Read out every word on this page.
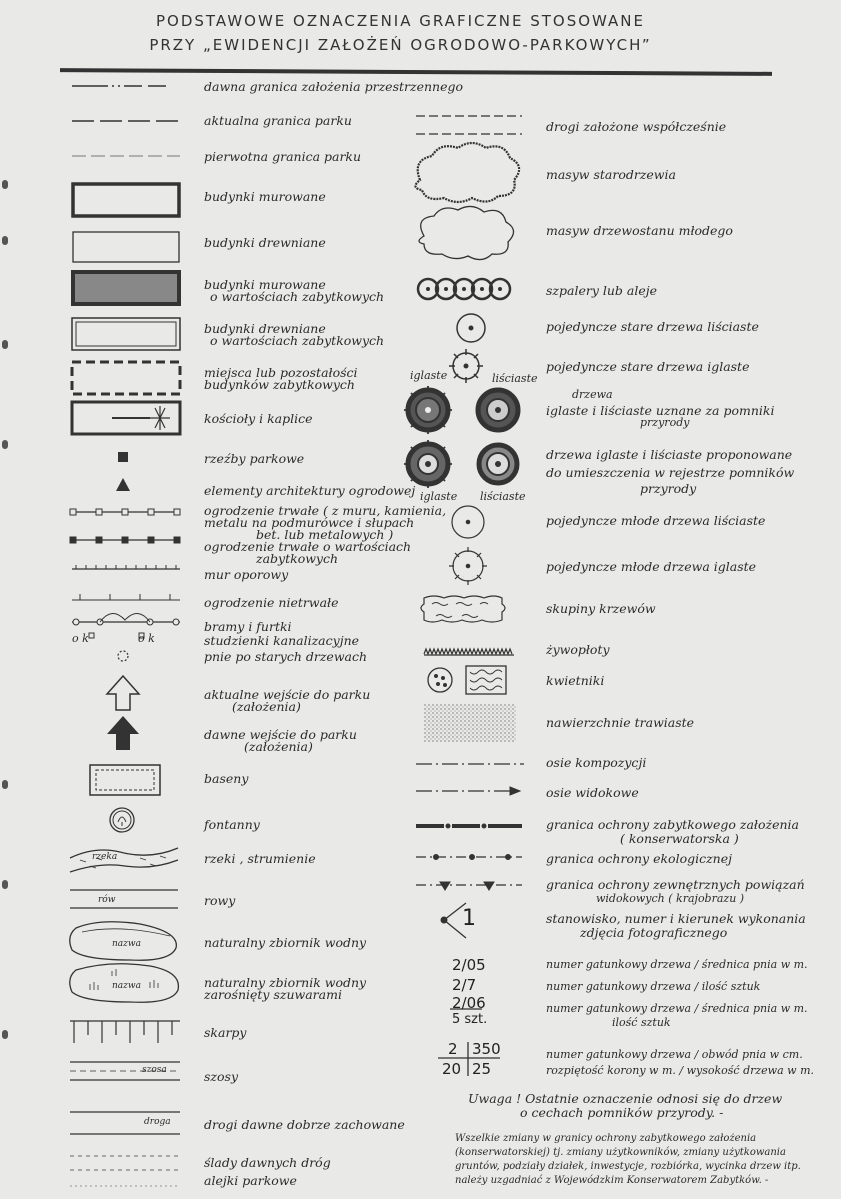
PODSTAWOWE OZNACZENIA GRAFICZNE STOSOWANE
PRZY „EWIDENCJI ZAŁOŻEŃ OGRODOWO-PARKOWYCH”
rzeka
rów
nazwa
nazwa
szosa
droga
o k	o k
dawna granica założenia przestrzennego
aktualna granica parku
pierwotna granica parku
budynki murowane
budynki drewniane
budynki murowane
o wartościach zabytkowych
budynki drewniane
o wartościach zabytkowych
miejsca lub pozostałości
budynków zabytkowych
kościoły i kaplice
rzeźby parkowe
elementy architektury ogrodowej
ogrodzenie trwałe ( z muru, kamienia,
metalu na podmurówce i słupach
bet. lub metalowych )
ogrodzenie trwałe o wartościach
zabytkowych
mur oporowy
ogrodzenie nietrwałe
bramy i furtki
studzienki kanalizacyjne
pnie po starych drzewach
aktualne wejście do parku
(założenia)
dawne wejście do parku
(założenia)
baseny
fontanny
rzeki , strumienie
rowy
naturalny zbiornik wodny
naturalny zbiornik wodny
zarośnięty szuwarami
skarpy
szosy
drogi dawne dobrze zachowane
ślady dawnych dróg
alejki parkowe
iglaste	liściaste
iglaste liściaste
1
2/05
2/7
2/06
5 szt.
2 350
20 25
drogi założone współcześnie
masyw starodrzewia
masyw drzewostanu młodego
szpalery lub aleje
pojedyncze stare drzewa liściaste
pojedyncze stare drzewa iglaste
drzewa
iglaste i liściaste uznane za pomniki
przyrody
drzewa iglaste i liściaste proponowane
do umieszczenia w rejestrze pomników
przyrody
pojedyncze młode drzewa liściaste
pojedyncze młode drzewa iglaste
skupiny krzewów
żywopłoty
kwietniki
nawierzchnie trawiaste
osie kompozycji
osie widokowe
granica ochrony zabytkowego założenia
( konserwatorska )
granica ochrony ekologicznej
granica ochrony zewnętrznych powiązań
widokowych ( krajobrazu )
stanowisko, numer i kierunek wykonania
zdjęcia fotograficznego
numer gatunkowy drzewa / średnica pnia w m.
numer gatunkowy drzewa / ilość sztuk
numer gatunkowy drzewa / średnica pnia w m.
ilość sztuk
numer gatunkowy drzewa / obwód pnia w cm.
rozpiętość korony w m. / wysokość drzewa w m.
Uwaga ! Ostatnie oznaczenie odnosi się do drzew
o cechach pomników przyrody. -
Wszelkie zmiany w granicy ochrony zabytkowego założenia
(konserwatorskiej) tj. zmiany użytkowników, zmiany użytkowania
gruntów, podziały działek, inwestycje, rozbiórka, wycinka drzew itp.
należy uzgadniać z Wojewódzkim Konserwatorem Zabytków. -
